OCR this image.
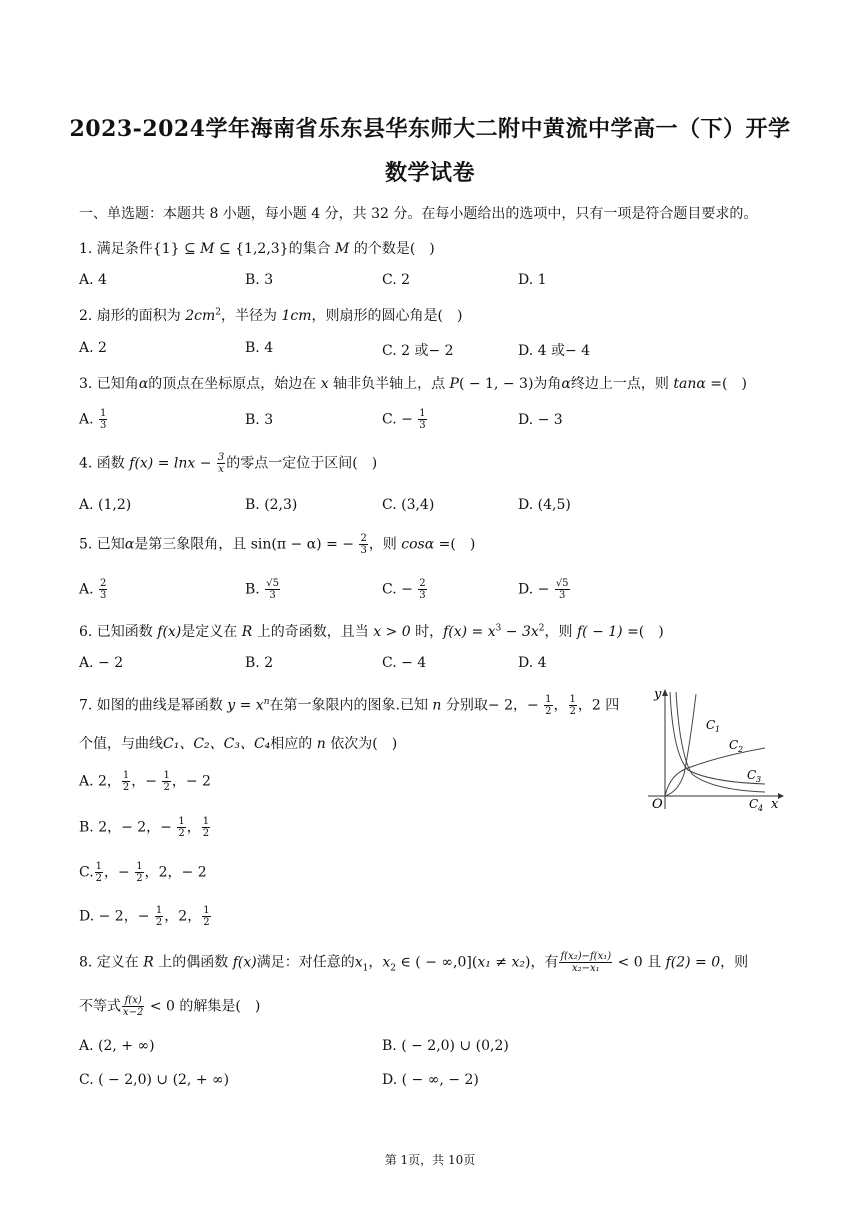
2023-2024学年海南省乐东县华东师大二附中黄流中学高一（下）开学
数学试卷
一、单选题：本题共 8 小题，每小题 4 分，共 32 分。在每小题给出的选项中，只有一项是符合题目要求的。
1. 满足条件{1} ⊆ M ⊆ {1,2,3}的集合 M 的个数是(　)
A. 4	B. 3	C. 2	D. 1
2. 扇形的面积为 $2cm^2$，半径为 1cm，则扇形的圆心角是(　)
A. 2	B. 4	C. 2 或− 2	D. 4 或− 4
3. 已知角α的顶点在坐标原点，始边在 x 轴非负半轴上，点 P( − 1, − 3)为角α终边上一点，则 tanα =(　)
A. $\frac{1}{3}$	B. 3	C. − $\frac{1}{3}$	D. − 3
4. 函数 $f(x) = \ln x - \frac{3}{x}$ 的零点一定位于区间(　)
A. (1,2)	B. (2,3)	C. (3,4)	D. (4,5)
5. 已知α是第三象限角，且 sin(π − α) = − $\frac{2}{3}$ ，则 cosα =(　)
A. $\frac{2}{3}$	B. $\frac{√5}{3}$	C. − $\frac{2}{3}$	D. − $\frac{√5}{3}$
6. 已知函数 f(x)是定义在 R 上的奇函数，且当 x > 0 时，$f(x) = x^3 - 3x^2$，则 f( − 1) =(　)
A. − 2	B. 2	C. − 4	D. 4
7. 如图的曲线是幂函数 $y = x^n$在第一象限内的图象.已知 n 分别取− 2，− $\frac{1}{2}$ ， $\frac{1}{2}$ ，2 四
个值，与曲线C₁、C₂、C₃、C₄相应的 n 依次为(　)
A. 2， $\frac{1}{2}$ ，− $\frac{1}{2}$ ，− 2
B. 2，− 2，− $\frac{1}{2}$ ， $\frac{1}{2}$
C. $\frac{1}{2}$ ，− $\frac{1}{2}$ ，2，− 2
D. − 2，− $\frac{1}{2}$ ，2， $\frac{1}{2}$
y
x
O
C 1
C 2
C 3
C 4
8. 定义在 R 上的偶函数 f(x)满足：对任意的$x_1$，$x_2$ ∈ ( − ∞,0](x₁ ≠ x₂)，有 $\frac{\text{f(x₂)−f(x₁)}}{\text{x₂−x₁}} < 0$ 且 f(2) = 0，则
不等式 $\frac{f(x)}{x-2} < 0$ 的解集是(　)
A. (2, + ∞)	B. ( − 2,0) ∪ (0,2)
C. ( − 2,0) ∪ (2, + ∞)	D. ( − ∞, − 2)
第 1页，共 10页
